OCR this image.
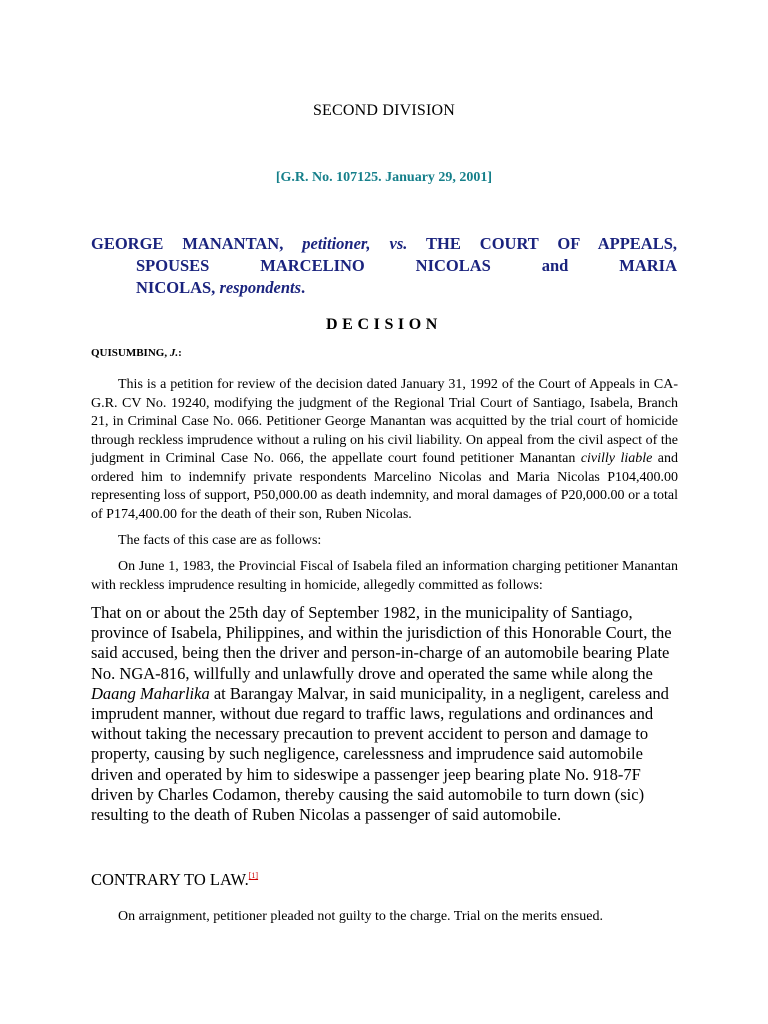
SECOND DIVISION
[G.R. No. 107125. January 29, 2001]
GEORGE MANANTAN, petitioner, vs. THE COURT OF APPEALS,
SPOUSES MARCELINO NICOLAS and MARIA
NICOLAS, respondents.
DECISION
QUISUMBING, J.:

This is a petition for review of the decision dated January 31, 1992 of the Court of Appeals in CA-G.R. CV No. 19240, modifying the judgment of the Regional Trial Court of Santiago, Isabela, Branch 21, in Criminal Case No. 066. Petitioner George Manantan was acquitted by the trial court of homicide through reckless imprudence without a ruling on his civil liability. On appeal from the civil aspect of the judgment in Criminal Case No. 066, the appellate court found petitioner Manantan civilly liable and ordered him to indemnify private respondents Marcelino Nicolas and Maria Nicolas P104,400.00 representing loss of support, P50,000.00 as death indemnity, and moral damages of P20,000.00 or a total of P174,400.00 for the death of their son, Ruben Nicolas.

The facts of this case are as follows:

On June 1, 1983, the Provincial Fiscal of Isabela filed an information charging petitioner Manantan with reckless imprudence resulting in homicide, allegedly committed as follows:

That on or about the 25th day of September 1982, in the municipality of Santiago, province of Isabela, Philippines, and within the jurisdiction of this Honorable Court, the said accused, being then the driver and person-in-charge of an automobile bearing Plate No. NGA-816, willfully and unlawfully drove and operated the same while along the Daang Maharlika at Barangay Malvar, in said municipality, in a negligent, careless and imprudent manner, without due regard to traffic laws, regulations and ordinances and without taking the necessary precaution to prevent accident to person and damage to property, causing by such negligence, carelessness and imprudence said automobile driven and operated by him to sideswipe a passenger jeep bearing plate No. 918-7F driven by Charles Codamon, thereby causing the said automobile to turn down (sic) resulting to the death of Ruben Nicolas a passenger of said automobile.

CONTRARY TO LAW.[1]
On arraignment, petitioner pleaded not guilty to the charge. Trial on the merits ensued.
